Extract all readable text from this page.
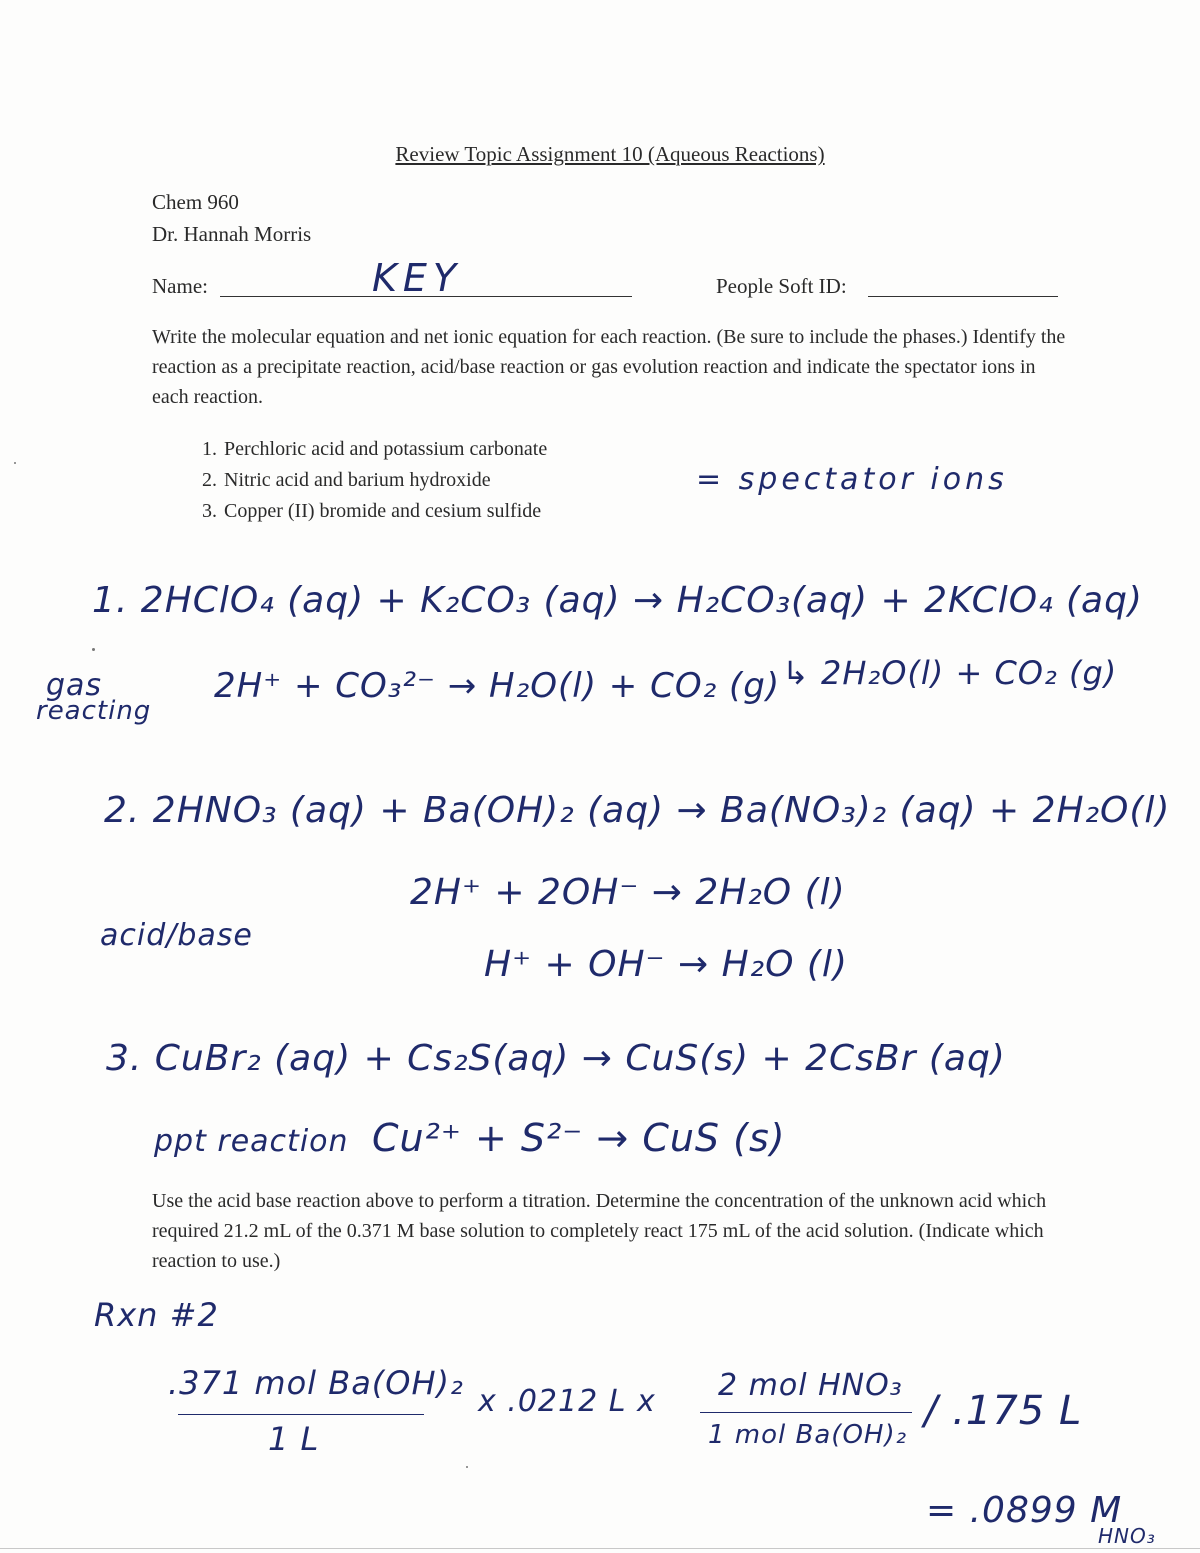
Review Topic Assignment 10 (Aqueous Reactions)
Chem 960
Dr. Hannah Morris
Name:	KEY	People Soft ID:
Write the molecular equation and net ionic equation for each reaction. (Be sure to include the phases.) Identify the reaction as a precipitate reaction, acid/base reaction or gas evolution reaction and indicate the spectator ions in each reaction.
1. Perchloric acid and potassium carbonate
2. Nitric acid and barium hydroxide
3. Copper (II) bromide and cesium sulfide
= spectator ions
1. 2HClO₄ (aq) + K₂CO₃ (aq) → H₂CO₃(aq) + 2KClO₄ (aq)
↳ 2H₂O(l) + CO₂ (g)
gas
reacting
2H⁺ + CO₃²⁻ → H₂O(l) + CO₂ (g)
2. 2HNO₃ (aq) + Ba(OH)₂ (aq) → Ba(NO₃)₂ (aq) + 2H₂O(l)
acid/base
2H⁺ + 2OH⁻ → 2H₂O (l)
H⁺ + OH⁻ → H₂O (l)
3. CuBr₂ (aq) + Cs₂S(aq) → CuS(s) + 2CsBr (aq)
ppt reaction Cu²⁺ + S²⁻ → CuS (s)
Use the acid base reaction above to perform a titration. Determine the concentration of the unknown acid which required 21.2 mL of the 0.371 M base solution to completely react 175 mL of the acid solution. (Indicate which reaction to use.)
Rxn #2
.371 mol Ba(OH)₂
1 L
x .0212 L x 2 mol HNO₃
1 mol Ba(OH)₂
/ .175 L
= .0899 M
HNO₃
